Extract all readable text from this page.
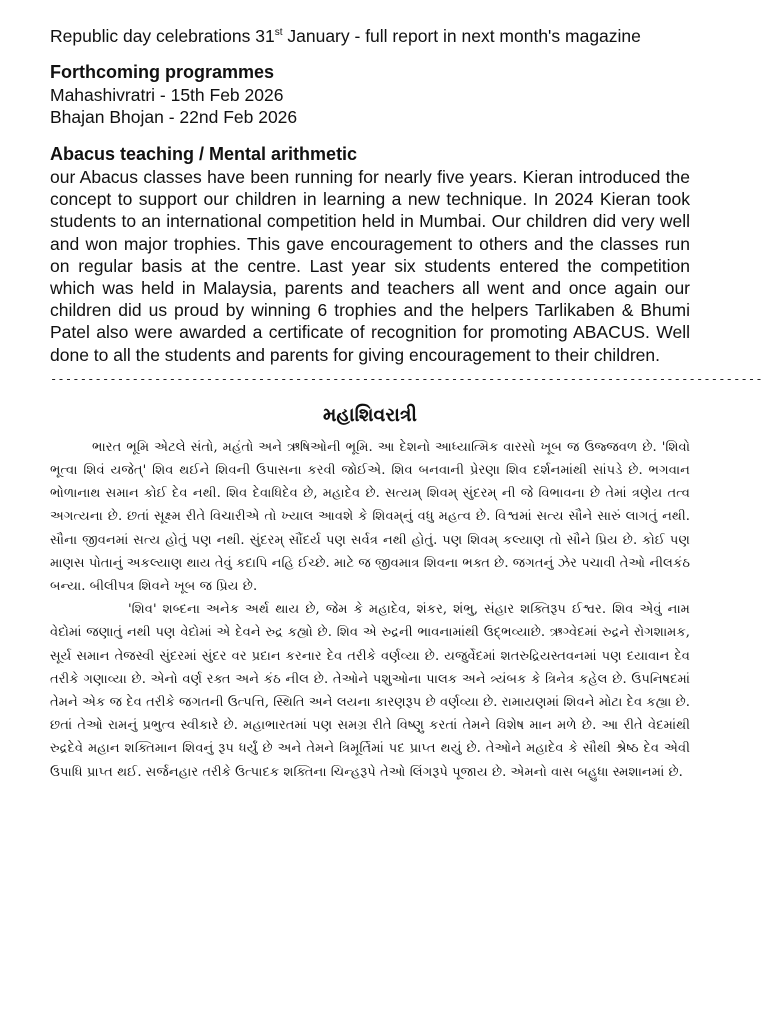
Republic day celebrations 31st January - full report in next month's magazine

Forthcoming programmes

Mahashivratri - 15th Feb 2026

Bhajan Bhojan - 22nd Feb 2026

Abacus teaching / Mental arithmetic

our Abacus classes have been running for nearly five years. Kieran introduced the concept to support our children in learning a new technique. In 2024 Kieran took students to an international competition held in Mumbai. Our children did very well and won major trophies. This gave encouragement to others and the classes run on regular basis at the centre. Last year six students entered the competition which was held in Malaysia, parents and teachers all went and once again our children did us proud by winning 6 trophies and the helpers Tarlikaben & Bhumi Patel also were awarded a certificate of recognition for promoting ABACUS. Well done to all the students and parents for giving encouragement to their children.

------------------------------------------------------------------------------------------------
મહાશિવરાત્રી

ભારત ભૂમિ એટલે સંતો, મહંતો અને ઋષિઓની ભૂમિ. આ દેશનો આધ્યાત્મિક વારસો ખૂબ જ ઉજ્જવળ છે. 'શિવો ભૂત્વા શિવં યજેત્' શિવ થઈને શિવની ઉપાસના કરવી જોઈએ. શિવ બનવાની પ્રેરણા શિવ દર્શનમાંથી સાંપડે છે. ભગવાન ભોળાનાથ સમાન કોઈ દેવ નથી. શિવ દેવાધિદેવ છે, મહાદેવ છે. સત્યમ્ શિવમ્ સુંદરમ્ ની જે વિભાવના છે તેમાં ત્રણેય તત્વ અગત્યના છે. છતાં સૂક્ષ્મ રીતે વિચારીએ તો ખ્યાલ આવશે કે શિવમ્‌નું વધુ મહત્વ છે. વિશ્વમાં સત્ય સૌને સારું લાગતું નથી. સૌના જીવનમાં સત્ય હોતું પણ નથી. સુંદરમ્ સૌંદર્ય પણ સર્વત્ર નથી હોતું. પણ શિવમ્ કલ્યાણ તો સૌને પ્રિય છે. કોઈ પણ માણસ પોતાનું અકલ્યાણ થાય તેવું કદાપિ નહિ ઈચ્છે. માટે જ જીવમાત્ર શિવના ભક્ત છે. જગતનું ઝેર પચાવી તેઓ નીલકંઠ બન્યા. બીલીપત્ર શિવને ખૂબ જ પ્રિય છે.

'શિવ' શબ્દના અનેક અર્થ થાય છે, જેમ કે મહાદેવ, શંકર, શંભુ, સંહાર શક્તિરૂપ ઈશ્વર. શિવ એવું નામ વેદોમાં જણાતું નથી પણ વેદોમાં એ દેવને રુદ્ર કહ્યો છે. શિવ એ રુદ્રની ભાવનામાંથી ઉદ્ભવ્યાછે. ઋગ્વેદમાં રુદ્રને રોગશામક, સૂર્ય સમાન તેજસ્વી સુંદરમાં સુંદર વર પ્રદાન કરનાર દેવ તરીકે વર્ણવ્યા છે. યજુર્વેદમાં શતરુદ્રિયસ્તવનમાં પણ દયાવાન દેવ તરીકે ગણાવ્યા છે. એનો વર્ણ રક્ત અને કંઠ નીલ છે. તેઓને પશુઓના પાલક અને ત્ર્યંબક કે ત્રિનેત્ર કહેલ છે. ઉપનિષદમાં તેમને એક જ દેવ તરીકે જગતની ઉત્પત્તિ, સ્થિતિ અને લયના કારણરૂપ છે વર્ણવ્યા છે. રામાયણમાં શિવને મોટા દેવ કહ્યા છે. છતાં તેઓ રામનું પ્રભુત્વ સ્વીકારે છે. મહાભારતમાં પણ સમગ્ર રીતે વિષ્ણુ કરતાં તેમને વિશેષ માન મળે છે. આ રીતે વેદમાંથી રુદ્રદેવે મહાન શક્તિમાન શિવનું રૂપ ધર્યું છે અને તેમને ત્રિમૂર્તિમાં પદ પ્રાપ્ત થયું છે. તેઓને મહાદેવ કે સૌથી શ્રેષ્ઠ દેવ એવી ઉપાધિ પ્રાપ્ત થઈ. સર્જનહાર તરીકે ઉત્પાદક શક્તિના ચિન્હરૂપે તેઓ લિંગરૂપે પૂજાય છે. એમનો વાસ બહુધા સ્મશાનમાં છે.
